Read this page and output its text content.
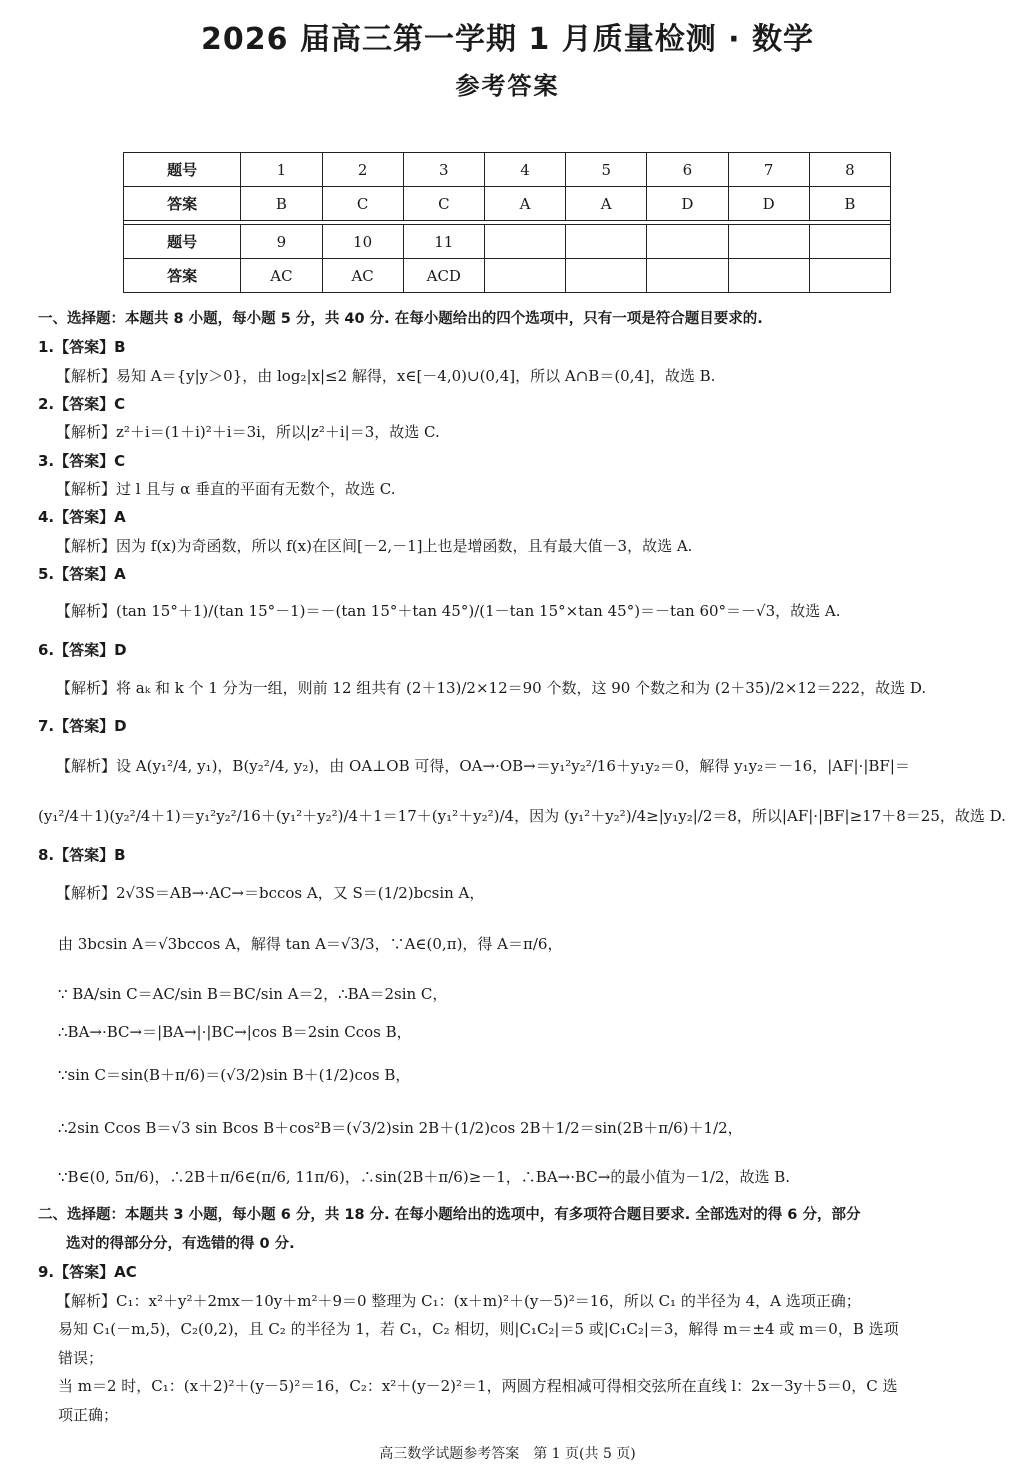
2026 届高三第一学期 1 月质量检测 · 数学
参考答案
题号	1	2	3	4	5	6	7	8
答案	B	C	C	A	A	D	D	B

题号	9	10	11					
答案	AC	AC	ACD					
一、选择题：本题共 8 小题，每小题 5 分，共 40 分. 在每小题给出的四个选项中，只有一项是符合题目要求的.
1.【答案】B
【解析】易知 A＝{y|y＞0}，由 log₂|x|≤2 解得，x∈[－4,0)∪(0,4]，所以 A∩B＝(0,4]，故选 B.
2.【答案】C
【解析】z²＋i＝(1＋i)²＋i＝3i，所以|z²＋i|＝3，故选 C.
3.【答案】C
【解析】过 l 且与 α 垂直的平面有无数个，故选 C.
4.【答案】A
【解析】因为 f(x)为奇函数，所以 f(x)在区间[－2,－1]上也是增函数，且有最大值－3，故选 A.
5.【答案】A
【解析】(tan 15°＋1)/(tan 15°－1)＝－(tan 15°＋tan 45°)/(1－tan 15°×tan 45°)＝－tan 60°＝－√3，故选 A.
6.【答案】D
【解析】将 aₖ 和 k 个 1 分为一组，则前 12 组共有 (2＋13)/2×12＝90 个数，这 90 个数之和为 (2＋35)/2×12＝222，故选 D.
7.【答案】D
【解析】设 A(y₁²/4, y₁)，B(y₂²/4, y₂)，由 OA⊥OB 可得，OA→·OB→＝y₁²y₂²/16＋y₁y₂＝0，解得 y₁y₂＝－16，|AF|·|BF|＝
(y₁²/4＋1)(y₂²/4＋1)＝y₁²y₂²/16＋(y₁²＋y₂²)/4＋1＝17＋(y₁²＋y₂²)/4，因为 (y₁²＋y₂²)/4≥|y₁y₂|/2＝8，所以|AF|·|BF|≥17＋8＝25，故选 D.
8.【答案】B
【解析】2√3S＝AB→·AC→＝bccos A，又 S＝(1/2)bcsin A，
由 3bcsin A＝√3bccos A，解得 tan A＝√3/3，∵A∈(0,π)，得 A＝π/6，
∵ BA/sin C＝AC/sin B＝BC/sin A＝2，∴BA＝2sin C，
∴BA→·BC→＝|BA→|·|BC→|cos B＝2sin Ccos B，
∵sin C＝sin(B＋π/6)＝(√3/2)sin B＋(1/2)cos B，
∴2sin Ccos B＝√3 sin Bcos B＋cos²B＝(√3/2)sin 2B＋(1/2)cos 2B＋1/2＝sin(2B＋π/6)＋1/2，
∵B∈(0, 5π/6)，∴2B＋π/6∈(π/6, 11π/6)，∴sin(2B＋π/6)≥－1，∴BA→·BC→的最小值为－1/2，故选 B.
二、选择题：本题共 3 小题，每小题 6 分，共 18 分. 在每小题给出的选项中，有多项符合题目要求. 全部选对的得 6 分，部分
选对的得部分分，有选错的得 0 分.
9.【答案】AC
【解析】C₁：x²＋y²＋2mx－10y＋m²＋9＝0 整理为 C₁：(x＋m)²＋(y－5)²＝16，所以 C₁ 的半径为 4，A 选项正确；
易知 C₁(－m,5)，C₂(0,2)，且 C₂ 的半径为 1，若 C₁，C₂ 相切，则|C₁C₂|＝5 或|C₁C₂|＝3，解得 m＝±4 或 m＝0，B 选项
错误；
当 m＝2 时，C₁：(x＋2)²＋(y－5)²＝16，C₂：x²＋(y－2)²＝1，两圆方程相减可得相交弦所在直线 l：2x－3y＋5＝0，C 选
项正确；
高三数学试题参考答案　第 1 页(共 5 页)
